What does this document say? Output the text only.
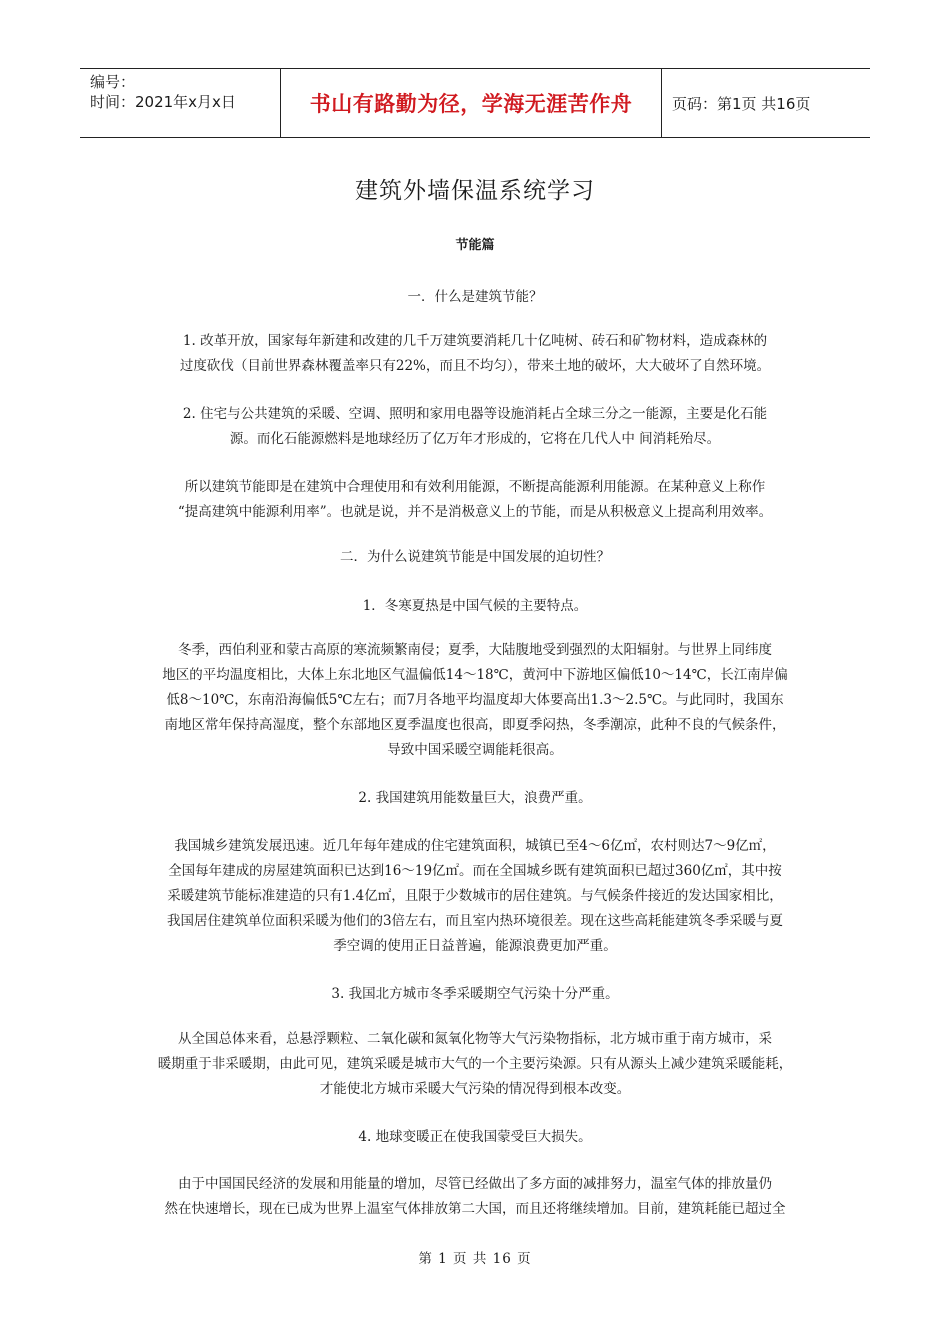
编号：
时间：2021年x月x日	书山有路勤为径，学海无涯苦作舟	页码：第1页 共16页
建筑外墙保温系统学习
节能篇
一．什么是建筑节能？
1. 改革开放，国家每年新建和改建的几千万建筑要消耗几十亿吨树、砖石和矿物材料，造成森林的
过度砍伐（目前世界森林覆盖率只有22%，而且不均匀），带来土地的破坏，大大破坏了自然环境。
2. 住宅与公共建筑的采暖、空调、照明和家用电器等设施消耗占全球三分之一能源，主要是化石能
源。而化石能源燃料是地球经历了亿万年才形成的，它将在几代人中 间消耗殆尽。
所以建筑节能即是在建筑中合理使用和有效利用能源，不断提高能源利用能源。在某种意义上称作
“提高建筑中能源利用率”。也就是说，并不是消极意义上的节能，而是从积极意义上提高利用效率。
二．为什么说建筑节能是中国发展的迫切性？
1．冬寒夏热是中国气候的主要特点。
冬季，西伯利亚和蒙古高原的寒流频繁南侵；夏季，大陆腹地受到强烈的太阳辐射。与世界上同纬度
地区的平均温度相比，大体上东北地区气温偏低14～18℃，黄河中下游地区偏低10～14℃，长江南岸偏
低8～10℃，东南沿海偏低5℃左右；而7月各地平均温度却大体要高出1.3～2.5℃。与此同时，我国东
南地区常年保持高湿度，整个东部地区夏季温度也很高，即夏季闷热，冬季潮凉，此种不良的气候条件，
导致中国采暖空调能耗很高。
2. 我国建筑用能数量巨大，浪费严重。
我国城乡建筑发展迅速。近几年每年建成的住宅建筑面积，城镇已至4～6亿㎡，农村则达7～9亿㎡，
全国每年建成的房屋建筑面积已达到16～19亿㎡。而在全国城乡既有建筑面积已超过360亿㎡，其中按
采暖建筑节能标准建造的只有1.4亿㎡，且限于少数城市的居住建筑。与气候条件接近的发达国家相比，
我国居住建筑单位面积采暖为他们的3倍左右，而且室内热环境很差。现在这些高耗能建筑冬季采暖与夏
季空调的使用正日益普遍，能源浪费更加严重。
3. 我国北方城市冬季采暖期空气污染十分严重。
从全国总体来看，总悬浮颗粒、二氧化碳和氮氧化物等大气污染物指标，北方城市重于南方城市，采
暖期重于非采暖期，由此可见，建筑采暖是城市大气的一个主要污染源。只有从源头上减少建筑采暖能耗，
才能使北方城市采暖大气污染的情况得到根本改变。
4. 地球变暖正在使我国蒙受巨大损失。
由于中国国民经济的发展和用能量的增加，尽管已经做出了多方面的减排努力，温室气体的排放量仍
然在快速增长，现在已成为世界上温室气体排放第二大国，而且还将继续增加。目前，建筑耗能已超过全
第 1 页 共 16 页
